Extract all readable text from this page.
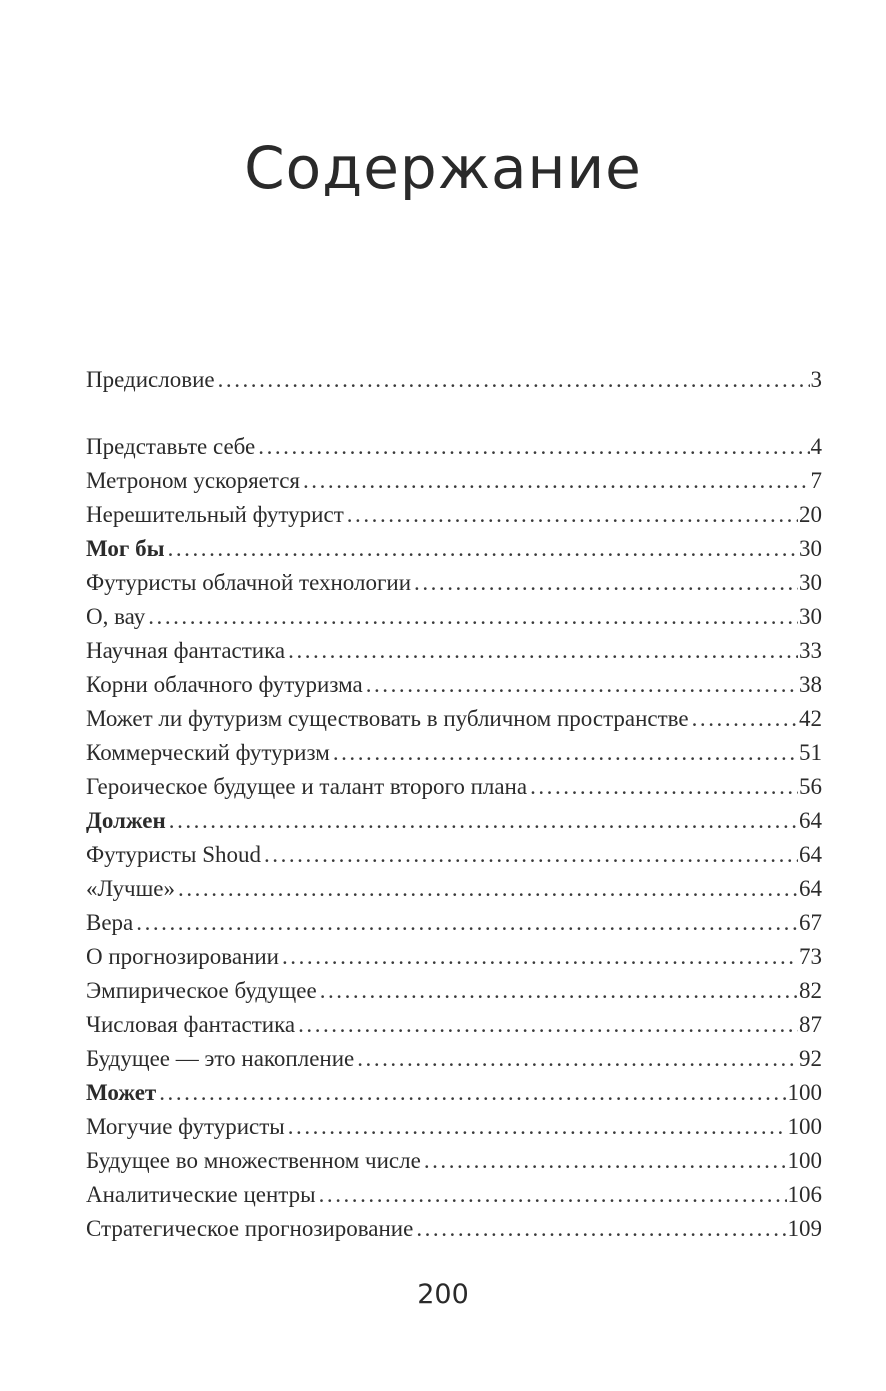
Содержание
Предисловие . . .	3
Представьте себе . . .	4
Метроном ускоряется . . .	7
Нерешительный футурист . . .	20
Мог бы . . .	30
Футуристы облачной технологии . . .	30
О, вау . . .	30
Научная фантастика . . .	33
Корни облачного футуризма . . .	38
Может ли футуризм существовать в публичном пространстве . . .	42
Коммерческий футуризм . . .	51
Героическое будущее и талант второго плана . . .	56
Должен . . .	64
Футуристы Shoud . . .	64
«Лучше» . . .	64
Вера . . .	67
О прогнозировании . . .	73
Эмпирическое будущее . . .	82
Числовая фантастика . . .	87
Будущее — это накопление . . .	92
Может . . .	100
Могучие футуристы . . .	100
Будущее во множественном числе . . .	100
Аналитические центры . . .	106
Стратегическое прогнозирование . . .	109
200
